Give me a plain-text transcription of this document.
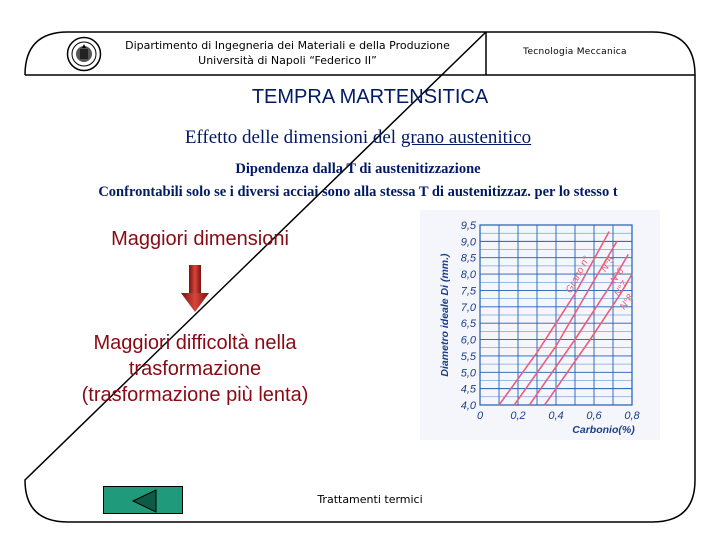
Dipartimento di Ingegneria dei Materiali e della Produzione
Università di Napoli “Federico II”
Tecnologia Meccanica
TEMPRA MARTENSITICA
Effetto delle dimensioni del grano austenitico
Dipendenza dalla T di austenitizzazione
Confrontabili solo se i diversi acciai sono alla stessa T di austenitizzaz. per lo stesso t
Maggiori dimensioni
Maggiori difficoltà nella
trasformazione
(trasformazione più lenta)
9,5
9,0
8,5
8,0
7,5
7,0
6,5
6,0
5,5
5,0
4,5
4,0
0 0,2 0,4 0,6 0,8
Diametro ideale Di (mm.)
Carbonio(%)
Grano n° N°5
N°6
N°7
N°8
Trattamenti termici
